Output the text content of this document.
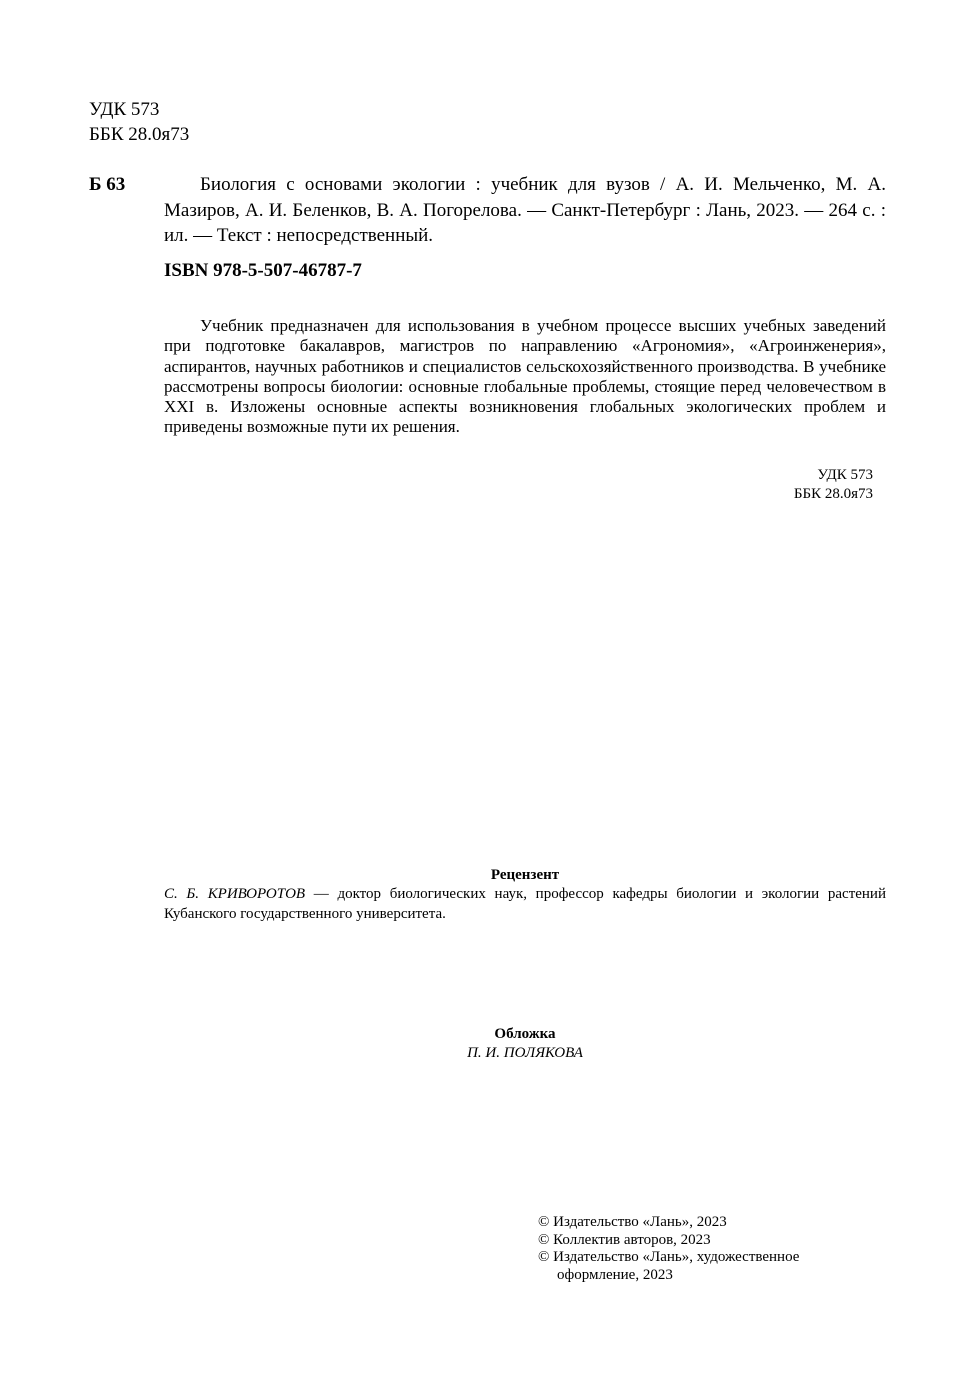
УДК 573
ББК 28.0я73
Б 63	Биология с основами экологии : учебник для вузов / А. И. Мельченко, М. А. Мазиров, А. И. Беленков, В. А. Погорелова. — Санкт-Петербург : Лань, 2023. — 264 с. : ил. — Текст : непосредственный.
ISBN 978-5-507-46787-7
Учебник предназначен для использования в учебном процессе высших учебных заведений при подготовке бакалавров, магистров по направлению «Агрономия», «Агроинженерия», аспирантов, научных работников и специалистов сельскохозяйственного производства. В учебнике рассмотрены вопросы биологии: основные глобальные проблемы, стоящие перед человечеством в XXI в. Изложены основные аспекты возникновения глобальных экологических проблем и приведены возможные пути их решения.
УДК 573
ББК 28.0я73
Рецензент
С. Б. КРИВОРОТОВ — доктор биологических наук, профессор кафедры биологии и экологии растений Кубанского государственного университета.
Обложка
П. И. ПОЛЯКОВА
© Издательство «Лань», 2023
© Коллектив авторов, 2023
© Издательство «Лань», художественное
оформление, 2023
